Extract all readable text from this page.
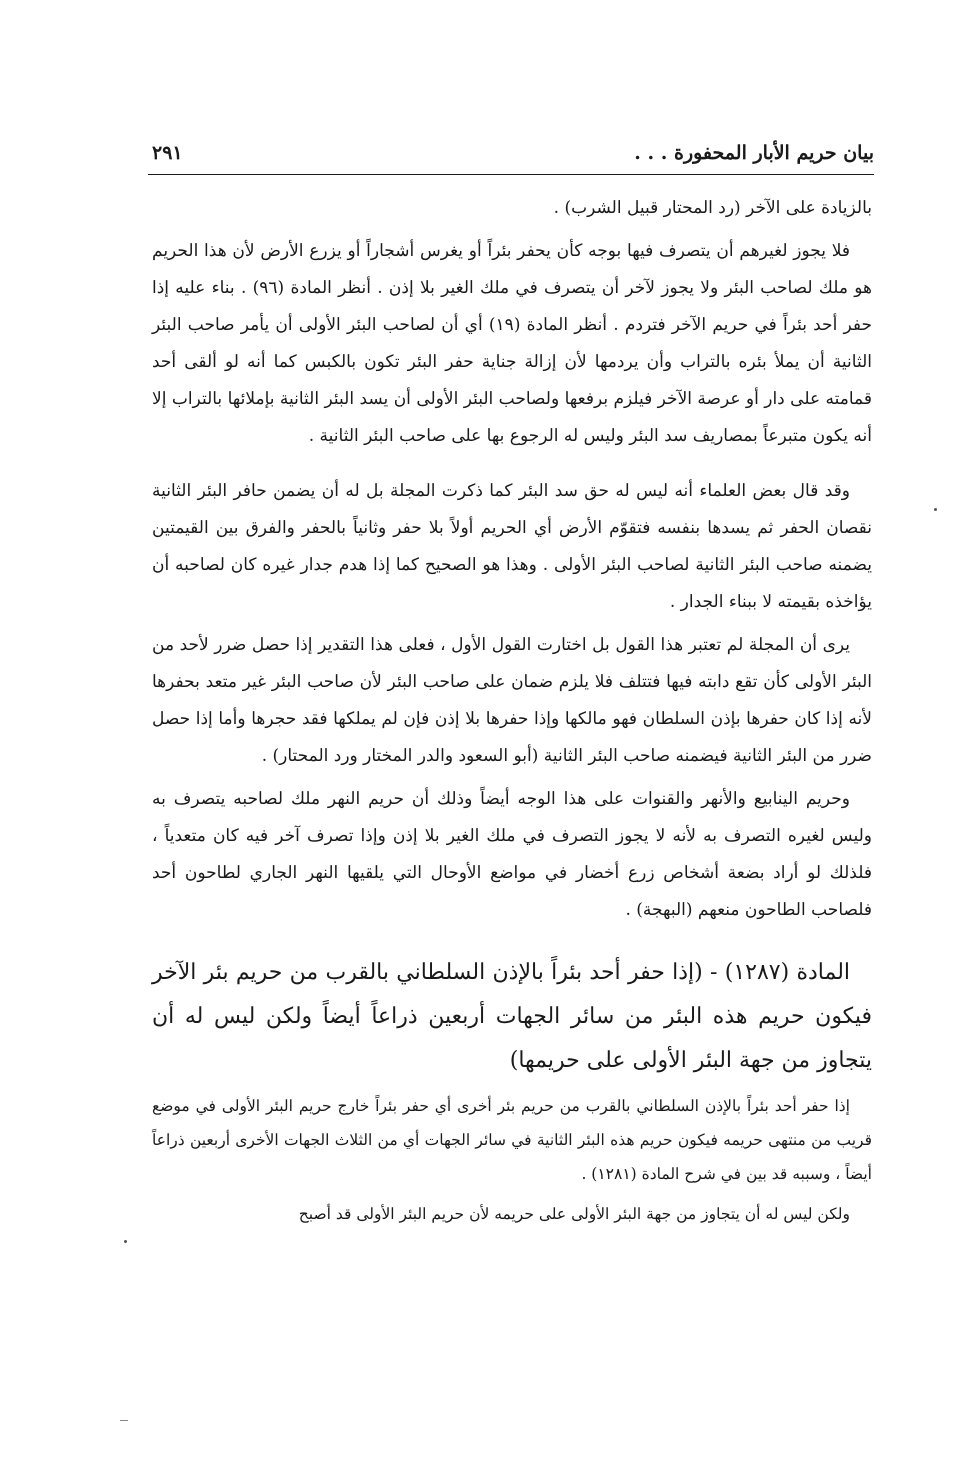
بيان حريم الأبار المحفورة . . .
٢٩١

بالزيادة على الآخر (رد المحتار قبيل الشرب) .

فلا يجوز لغيرهم أن يتصرف فيها بوجه كأن يحفر بئراً أو يغرس أشجاراً أو يزرع الأرض لأن هذا الحريم هو ملك لصاحب البئر ولا يجوز لآخر أن يتصرف في ملك الغير بلا إذن . أنظر المادة (٩٦) . بناء عليه إذا حفر أحد بئراً في حريم الآخر فتردم . أنظر المادة (١٩) أي أن لصاحب البئر الأولى أن يأمر صاحب البئر الثانية أن يملأ بئره بالتراب وأن يردمها لأن إزالة جناية حفر البئر تكون بالكبس كما أنه لو ألقى أحد قمامته على دار أو عرصة الآخر فيلزم برفعها ولصاحب البئر الأولى أن يسد البئر الثانية بإملائها بالتراب إلا أنه يكون متبرعاً بمصاريف سد البئر وليس له الرجوع بها على صاحب البئر الثانية .

وقد قال بعض العلماء أنه ليس له حق سد البئر كما ذكرت المجلة بل له أن يضمن حافر البئر الثانية نقصان الحفر ثم يسدها بنفسه فتقوّم الأرض أي الحريم أولاً بلا حفر وثانياً بالحفر والفرق بين القيمتين يضمنه صاحب البئر الثانية لصاحب البئر الأولى . وهذا هو الصحيح كما إذا هدم جدار غيره كان لصاحبه أن يؤاخذه بقيمته لا ببناء الجدار .

يرى أن المجلة لم تعتبر هذا القول بل اختارت القول الأول ، فعلى هذا التقدير إذا حصل ضرر لأحد من البئر الأولى كأن تقع دابته فيها فتتلف فلا يلزم ضمان على صاحب البئر لأن صاحب البئر غير متعد بحفرها لأنه إذا كان حفرها بإذن السلطان فهو مالكها وإذا حفرها بلا إذن فإن لم يملكها فقد حجرها وأما إذا حصل ضرر من البئر الثانية فيضمنه صاحب البئر الثانية (أبو السعود والدر المختار ورد المحتار) .

وحريم الينابيع والأنهر والقنوات على هذا الوجه أيضاً وذلك أن حريم النهر ملك لصاحبه يتصرف به وليس لغيره التصرف به لأنه لا يجوز التصرف في ملك الغير بلا إذن وإذا تصرف آخر فيه كان متعدياً ، فلذلك لو أراد بضعة أشخاص زرع أخضار في مواضع الأوحال التي يلقيها النهر الجاري لطاحون أحد فلصاحب الطاحون منعهم (البهجة) .

المادة (١٢٨٧) - (إذا حفر أحد بئراً بالإذن السلطاني بالقرب من حريم بئر الآخر فيكون حريم هذه البئر من سائر الجهات أربعين ذراعاً أيضاً ولكن ليس له أن يتجاوز من جهة البئر الأولى على حريمها)

إذا حفر أحد بئراً بالإذن السلطاني بالقرب من حريم بئر أخرى أي حفر بئراً خارج حريم البئر الأولى في موضع قريب من منتهى حريمه فيكون حريم هذه البئر الثانية في سائر الجهات أي من الثلاث الجهات الأخرى أربعين ذراعاً أيضاً ، وسببه قد بين في شرح المادة (١٢٨١) .

ولكن ليس له أن يتجاوز من جهة البئر الأولى على حريمه لأن حريم البئر الأولى قد أصبح
